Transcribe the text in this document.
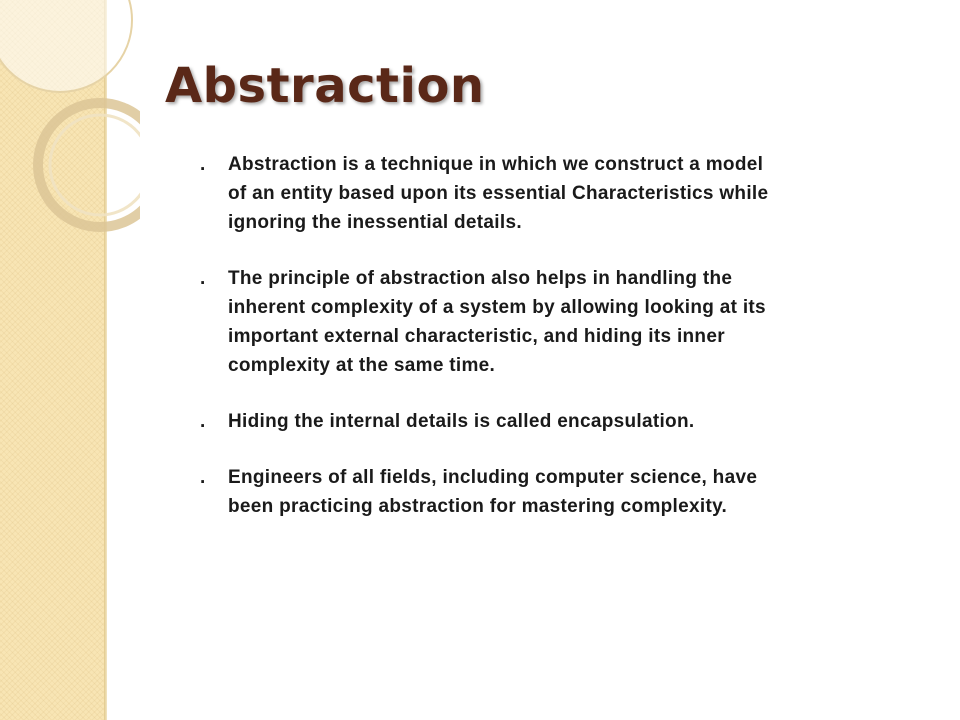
Abstraction
.	Abstraction is a technique in which we construct a model of an entity based upon its essential Characteristics while ignoring the inessential details.
.	The principle of abstraction also helps in handling the inherent complexity of a system by allowing looking at its important external characteristic, and hiding its inner complexity at the same time.
.	Hiding the internal details is called encapsulation.
.	Engineers of all fields, including computer science, have been practicing abstraction for mastering complexity.
